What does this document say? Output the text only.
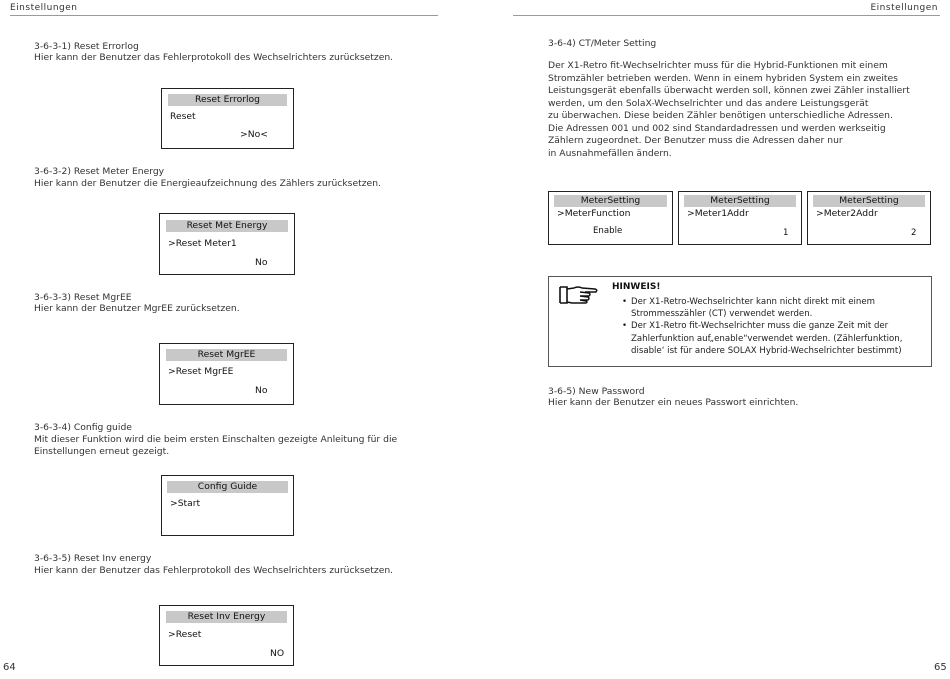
Einstellungen	Einstellungen
3-6-3-1) Reset Errorlog
Hier kann der Benutzer das Fehlerprotokoll des Wechselrichters zurücksetzen.
Reset Errorlog
Reset
>No<
3-6-3-2) Reset Meter Energy
Hier kann der Benutzer die Energieaufzeichnung des Zählers zurücksetzen.
Reset Met Energy
>Reset Meter1
No
3-6-3-3) Reset MgrEE
Hier kann der Benutzer MgrEE zurücksetzen.
Reset MgrEE
>Reset MgrEE
No
3-6-3-4) Config guide
Mit dieser Funktion wird die beim ersten Einschalten gezeigte Anleitung für die
Einstellungen erneut gezeigt.
Config Guide
>Start
3-6-3-5) Reset Inv energy
Hier kann der Benutzer das Fehlerprotokoll des Wechselrichters zurücksetzen.
Reset Inv Energy
>Reset
NO
64
3-6-4) CT/Meter Setting
Der X1-Retro fit-Wechselrichter muss für die Hybrid-Funktionen mit einem
Stromzähler betrieben werden. Wenn in einem hybriden System ein zweites
Leistungsgerät ebenfalls überwacht werden soll, können zwei Zähler installiert
werden, um den SolaX-Wechselrichter und das andere Leistungsgerät
zu überwachen. Diese beiden Zähler benötigen unterschiedliche Adressen.
Die Adressen 001 und 002 sind Standardadressen und werden werkseitig
Zählern zugeordnet. Der Benutzer muss die Adressen daher nur
in Ausnahmefällen ändern.
MeterSetting
>MeterFunction
Enable
MeterSetting
>Meter1Addr
1
MeterSetting
>Meter2Addr
2
HINWEIS!
• Der X1-Retro-Wechselrichter kann nicht direkt mit einem
Strommesszähler (CT) verwendet werden.
• Der X1-Retro fit-Wechselrichter muss die ganze Zeit mit der
Zahlerfunktion auf„enable“verwendet werden. (Zählerfunktion,
disable‘ ist für andere SOLAX Hybrid-Wechselrichter bestimmt)
3-6-5) New Password
Hier kann der Benutzer ein neues Passwort einrichten.
65
